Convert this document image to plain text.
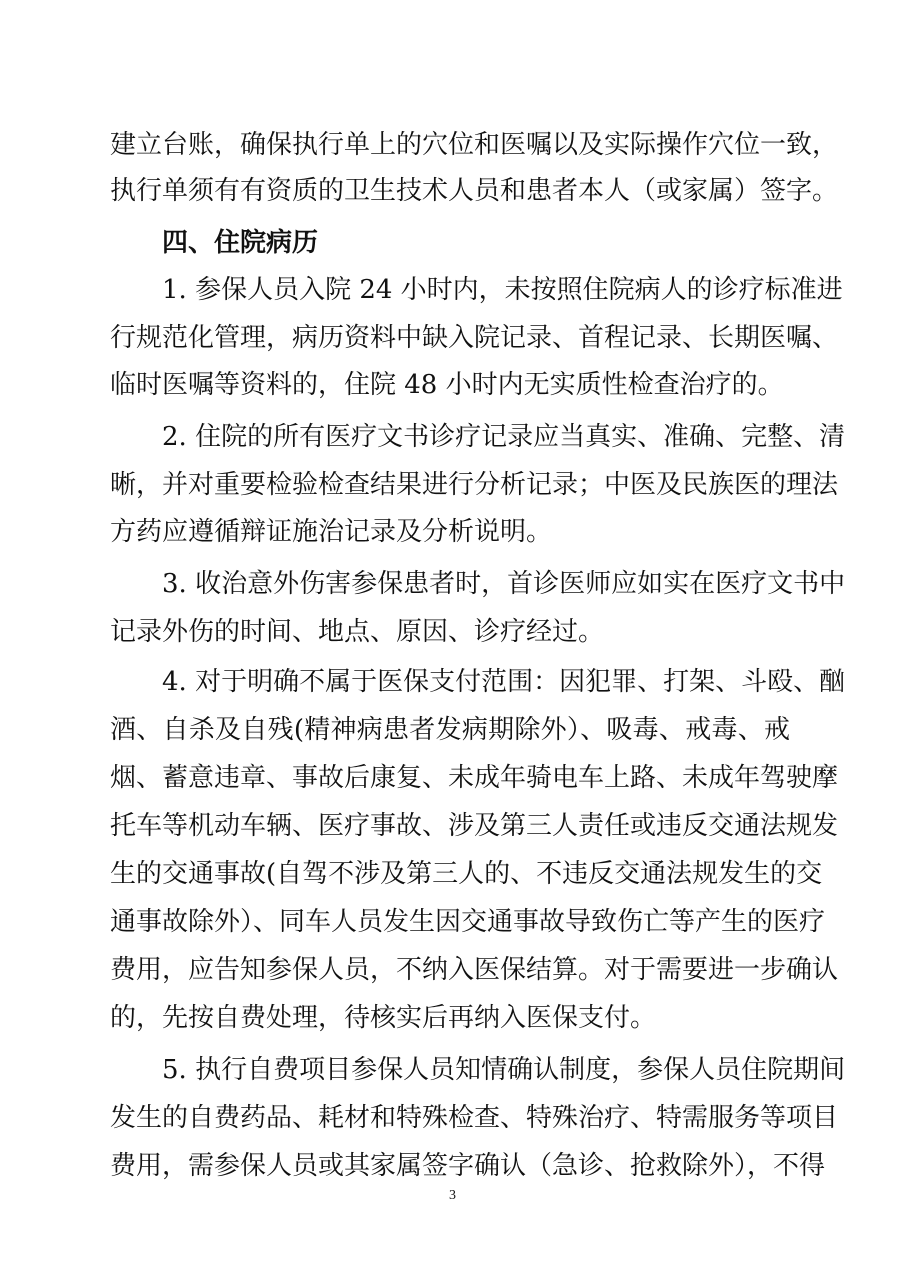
建立台账，确保执行单上的穴位和医嘱以及实际操作穴位一致，
执行单须有有资质的卫生技术人员和患者本人（或家属）签字。
四、住院病历
1. 参保人员入院 24 小时内，未按照住院病人的诊疗标准进
行规范化管理，病历资料中缺入院记录、首程记录、长期医嘱、
临时医嘱等资料的，住院 48 小时内无实质性检查治疗的。
2. 住院的所有医疗文书诊疗记录应当真实、准确、完整、清
晰，并对重要检验检查结果进行分析记录；中医及民族医的理法
方药应遵循辩证施治记录及分析说明。
3. 收治意外伤害参保患者时，首诊医师应如实在医疗文书中
记录外伤的时间、地点、原因、诊疗经过。
4. 对于明确不属于医保支付范围：因犯罪、打架、斗殴、酗
酒、自杀及自残(精神病患者发病期除外）、吸毒、戒毒、戒
烟、蓄意违章、事故后康复、未成年骑电车上路、未成年驾驶摩
托车等机动车辆、医疗事故、涉及第三人责任或违反交通法规发
生的交通事故(自驾不涉及第三人的、不违反交通法规发生的交
通事故除外）、同车人员发生因交通事故导致伤亡等产生的医疗
费用，应告知参保人员，不纳入医保结算。对于需要进一步确认
的，先按自费处理，待核实后再纳入医保支付。
5. 执行自费项目参保人员知情确认制度，参保人员住院期间
发生的自费药品、耗材和特殊检查、特殊治疗、特需服务等项目
费用，需参保人员或其家属签字确认（急诊、抢救除外），不得
3
